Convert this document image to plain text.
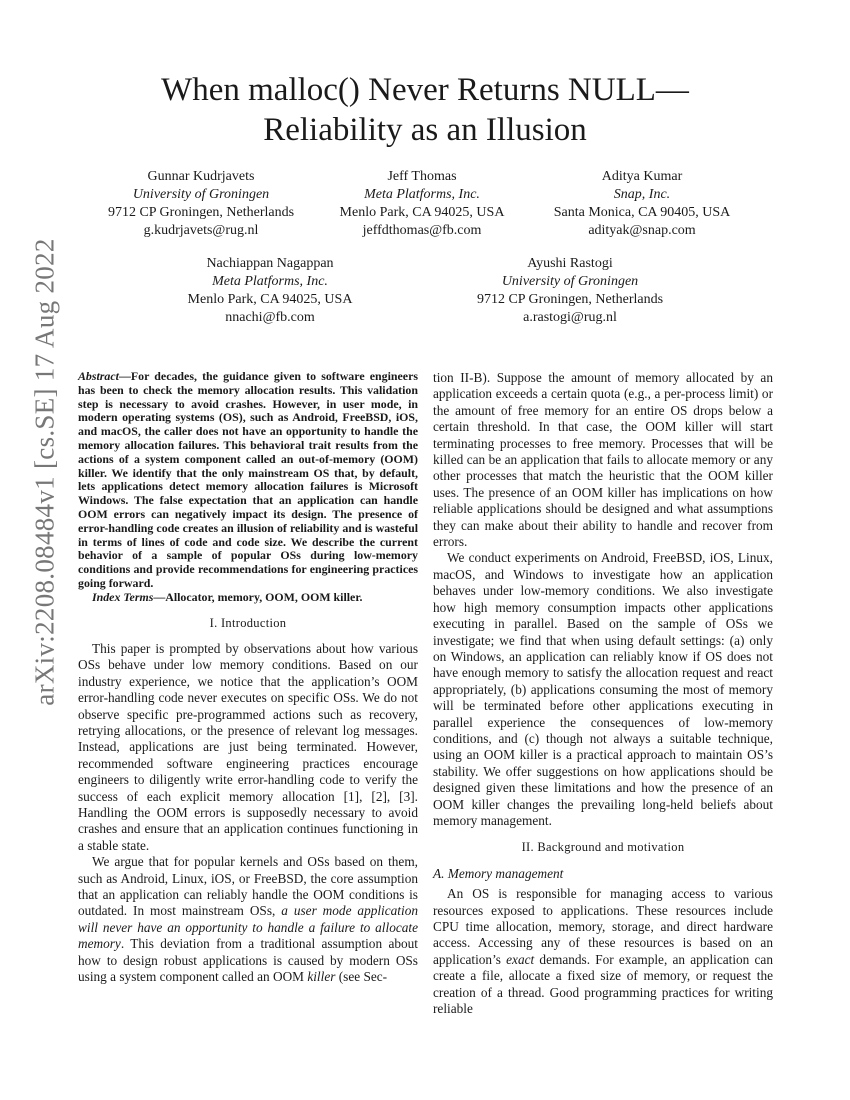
When malloc() Never Returns NULL—
Reliability as an Illusion
Gunnar Kudrjavets
University of Groningen
9712 CP Groningen, Netherlands
g.kudrjavets@rug.nl
Jeff Thomas
Meta Platforms, Inc.
Menlo Park, CA 94025, USA
jeffdthomas@fb.com
Aditya Kumar
Snap, Inc.
Santa Monica, CA 90405, USA
adityak@snap.com
Nachiappan Nagappan
Meta Platforms, Inc.
Menlo Park, CA 94025, USA
nnachi@fb.com
Ayushi Rastogi
University of Groningen
9712 CP Groningen, Netherlands
a.rastogi@rug.nl
arXiv:2208.08484v1 [cs.SE] 17 Aug 2022 Abstract—For decades, the guidance given to software engineers has been to check the memory allocation results. This validation step is necessary to avoid crashes. However, in user mode, in modern operating systems (OS), such as Android, FreeBSD, iOS, and macOS, the caller does not have an opportunity to handle the memory allocation failures. This behavioral trait results from the actions of a system component called an out-of-memory (OOM) killer. We identify that the only mainstream OS that, by default, lets applications detect memory allocation failures is Microsoft Windows. The false expectation that an application can handle OOM errors can negatively impact its design. The presence of error-handling code creates an illusion of reliability and is wasteful in terms of lines of code and code size. We describe the current behavior of a sample of popular OSs during low-memory conditions and provide recommendations for engineering practices going forward.
Index Terms—Allocator, memory, OOM, OOM killer.
I. Introduction

This paper is prompted by observations about how various OSs behave under low memory conditions. Based on our industry experience, we notice that the application’s OOM error-handling code never executes on specific OSs. We do not observe specific pre-programmed actions such as recovery, retrying allocations, or the presence of relevant log messages. Instead, applications are just being terminated. However, recommended software engineering practices encourage engineers to diligently write error-handling code to verify the success of each explicit memory allocation [1], [2], [3]. Handling the OOM errors is supposedly necessary to avoid crashes and ensure that an application continues functioning in a stable state.

We argue that for popular kernels and OSs based on them, such as Android, Linux, iOS, or FreeBSD, the core assumption that an application can reliably handle the OOM conditions is outdated. In most mainstream OSs, a user mode application will never have an opportunity to handle a failure to allocate memory. This deviation from a traditional assumption about how to design robust applications is caused by modern OSs using a system component called an OOM killer (see Sec-

tion II-B). Suppose the amount of memory allocated by an application exceeds a certain quota (e.g., a per-process limit) or the amount of free memory for an entire OS drops below a certain threshold. In that case, the OOM killer will start terminating processes to free memory. Processes that will be killed can be an application that fails to allocate memory or any other processes that match the heuristic that the OOM killer uses. The presence of an OOM killer has implications on how reliable applications should be designed and what assumptions they can make about their ability to handle and recover from errors.

We conduct experiments on Android, FreeBSD, iOS, Linux, macOS, and Windows to investigate how an application behaves under low-memory conditions. We also investigate how high memory consumption impacts other applications executing in parallel. Based on the sample of OSs we investigate; we find that when using default settings: (a) only on Windows, an application can reliably know if OS does not have enough memory to satisfy the allocation request and react appropriately, (b) applications consuming the most of memory will be terminated before other applications executing in parallel experience the consequences of low-memory conditions, and (c) though not always a suitable technique, using an OOM killer is a practical approach to maintain OS’s stability. We offer suggestions on how applications should be designed given these limitations and how the presence of an OOM killer changes the prevailing long-held beliefs about memory management.

II. Background and motivation
A. Memory management

An OS is responsible for managing access to various resources exposed to applications. These resources include CPU time allocation, memory, storage, and direct hardware access. Accessing any of these resources is based on an application’s exact demands. For example, an application can create a file, allocate a fixed size of memory, or request the creation of a thread. Good programming practices for writing reliable
